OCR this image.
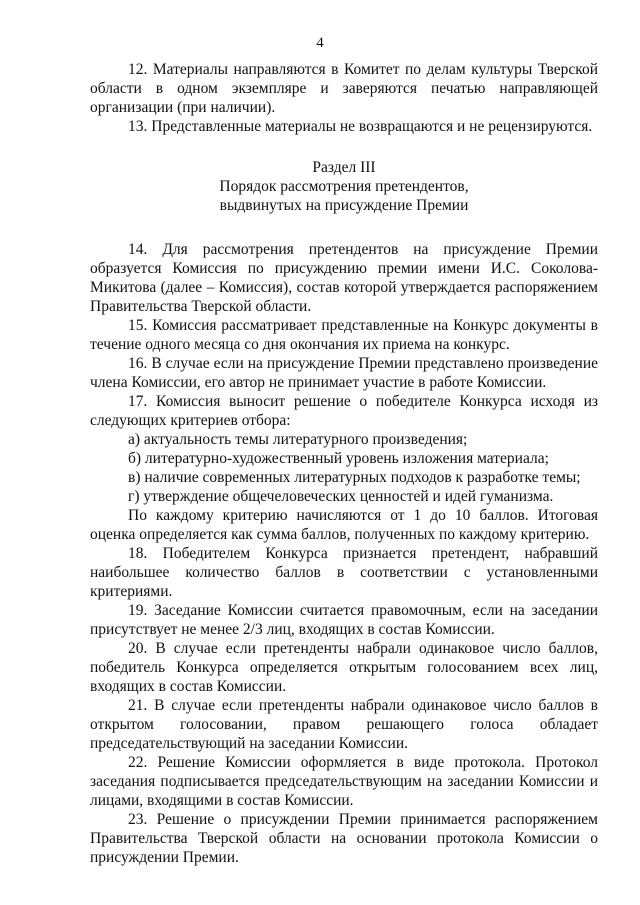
4

12. Материалы направляются в Комитет по делам культуры Тверской области в одном экземпляре и заверяются печатью направляющей организации (при наличии).

13. Представленные материалы не возвращаются и не рецензируются.

Раздел III
Порядок рассмотрения претендентов,
выдвинутых на присуждение Премии

14. Для рассмотрения претендентов на присуждение Премии образуется Комиссия по присуждению премии имени И.С. Соколова-Микитова (далее – Комиссия), состав которой утверждается распоряжением Правительства Тверской области.

15. Комиссия рассматривает представленные на Конкурс документы в течение одного месяца со дня окончания их приема на конкурс.

16. В случае если на присуждение Премии представлено произведение члена Комиссии, его автор не принимает участие в работе Комиссии.

17. Комиссия выносит решение о победителе Конкурса исходя из следующих критериев отбора:

а) актуальность темы литературного произведения;

б) литературно-художественный уровень изложения материала;

в) наличие современных литературных подходов к разработке темы;

г) утверждение общечеловеческих ценностей и идей гуманизма.

По каждому критерию начисляются от 1 до 10 баллов. Итоговая оценка определяется как сумма баллов, полученных по каждому критерию.

18. Победителем Конкурса признается претендент, набравший наибольшее количество баллов в соответствии с установленными критериями.

19. Заседание Комиссии считается правомочным, если на заседании присутствует не менее 2/3 лиц, входящих в состав Комиссии.

20. В случае если претенденты набрали одинаковое число баллов, победитель Конкурса определяется открытым голосованием всех лиц, входящих в состав Комиссии.

21. В случае если претенденты набрали одинаковое число баллов в открытом голосовании, правом решающего голоса обладает председательствующий на заседании Комиссии.

22. Решение Комиссии оформляется в виде протокола. Протокол заседания подписывается председательствующим на заседании Комиссии и лицами, входящими в состав Комиссии.

23. Решение о присуждении Премии принимается распоряжением Правительства Тверской области на основании протокола Комиссии о присуждении Премии.
